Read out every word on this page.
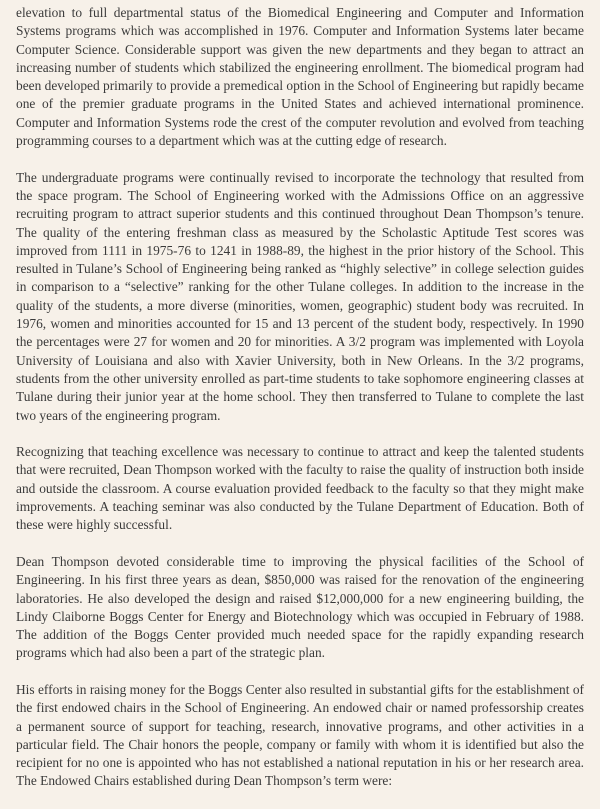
elevation to full departmental status of the Biomedical Engineering and Computer and Information Systems programs which was accomplished in 1976. Computer and Information Systems later became Computer Science. Considerable support was given the new departments and they began to attract an increasing number of students which stabilized the engineering enrollment. The biomedical program had been developed primarily to provide a premedical option in the School of Engineering but rapidly became one of the premier graduate programs in the United States and achieved international prominence. Computer and Information Systems rode the crest of the computer revolution and evolved from teaching programming courses to a department which was at the cutting edge of research.

The undergraduate programs were continually revised to incorporate the technology that resulted from the space program. The School of Engineering worked with the Admissions Office on an aggressive recruiting program to attract superior students and this continued throughout Dean Thompson’s tenure. The quality of the entering freshman class as measured by the Scholastic Aptitude Test scores was improved from 1111 in 1975-76 to 1241 in 1988-89, the highest in the prior history of the School. This resulted in Tulane’s School of Engineering being ranked as “highly selective” in college selection guides in comparison to a “selective” ranking for the other Tulane colleges. In addition to the increase in the quality of the students, a more diverse (minorities, women, geographic) student body was recruited. In 1976, women and minorities accounted for 15 and 13 percent of the student body, respectively. In 1990 the percentages were 27 for women and 20 for minorities. A 3/2 program was implemented with Loyola University of Louisiana and also with Xavier University, both in New Orleans. In the 3/2 programs, students from the other university enrolled as part-time students to take sophomore engineering classes at Tulane during their junior year at the home school. They then transferred to Tulane to complete the last two years of the engineering program.

Recognizing that teaching excellence was necessary to continue to attract and keep the talented students that were recruited, Dean Thompson worked with the faculty to raise the quality of instruction both inside and outside the classroom. A course evaluation provided feedback to the faculty so that they might make improvements. A teaching seminar was also conducted by the Tulane Department of Education. Both of these were highly successful.

Dean Thompson devoted considerable time to improving the physical facilities of the School of Engineering. In his first three years as dean, $850,000 was raised for the renovation of the engineering laboratories. He also developed the design and raised $12,000,000 for a new engineering building, the Lindy Claiborne Boggs Center for Energy and Biotechnology which was occupied in February of 1988. The addition of the Boggs Center provided much needed space for the rapidly expanding research programs which had also been a part of the strategic plan.

His efforts in raising money for the Boggs Center also resulted in substantial gifts for the establishment of the first endowed chairs in the School of Engineering. An endowed chair or named professorship creates a permanent source of support for teaching, research, innovative programs, and other activities in a particular field. The Chair honors the people, company or family with whom it is identified but also the recipient for no one is appointed who has not established a national reputation in his or her research area. The Endowed Chairs established during Dean Thompson’s term were:
